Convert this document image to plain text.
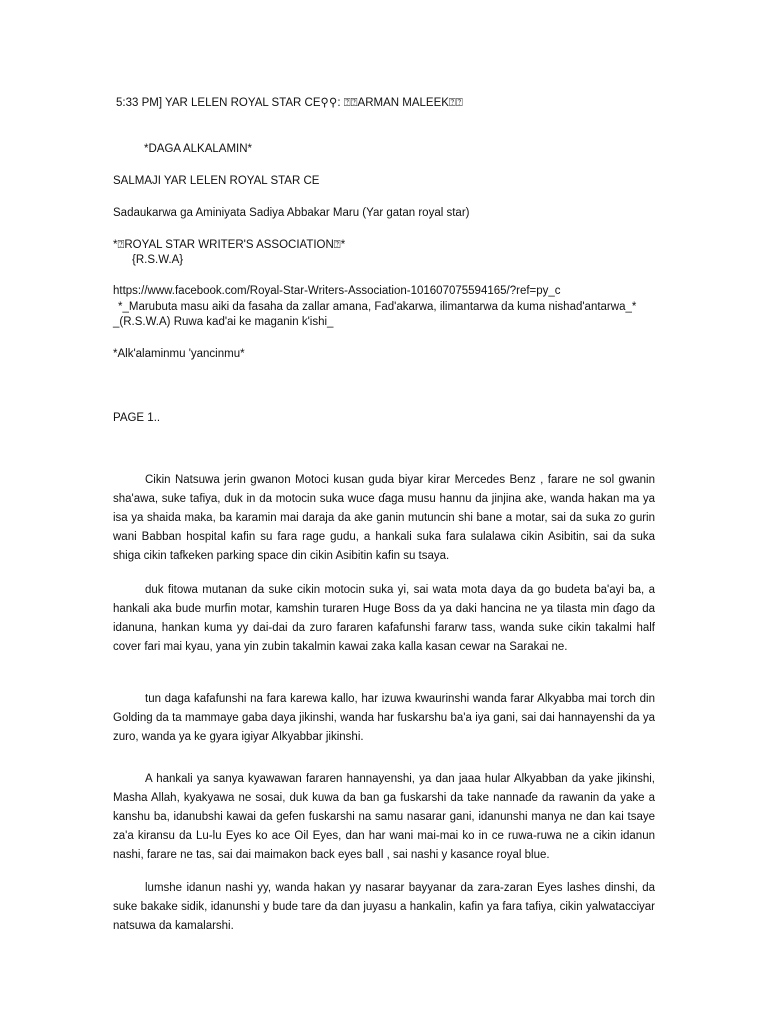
5:33 PM] YAR LELEN ROYAL STAR CE⚲⚲: ⍰⍰ARMAN MALEEK⍰⍰
*DAGA ALKALAMIN*
SALMAJI YAR LELEN ROYAL STAR CE
Sadaukarwa ga Aminiyata Sadiya Abbakar Maru (Yar gatan royal star)
*⍰ROYAL STAR WRITER'S ASSOCIATION⍰*
{R.S.W.A}
https://www.facebook.com/Royal-Star-Writers-Association-101607075594165/?ref=py_c
*_Marubuta masu aiki da fasaha da zallar amana, Fad'akarwa, ilimantarwa da kuma nishad'antarwa_*
_(R.S.W.A) Ruwa kad'ai ke maganin k'ishi_
*Alk'alaminmu 'yancinmu*
PAGE 1..
Cikin Natsuwa jerin gwanon Motoci kusan guda biyar kirar Mercedes Benz , farare ne sol gwanin sha'awa, suke tafiya, duk in da motocin suka wuce ɗaga musu hannu da jinjina ake, wanda hakan ma ya isa ya shaida maka, ba karamin mai daraja da ake ganin mutuncin shi bane a motar, sai da suka zo gurin wani Babban hospital kafin su fara rage gudu, a hankali suka fara sulalawa cikin Asibitin, sai da suka shiga cikin tafkeken parking space din cikin Asibitin kafin su tsaya.
duk fitowa mutanan da suke cikin motocin suka yi, sai wata mota daya da go budeta ba'ayi ba, a hankali aka bude murfin motar, kamshin turaren Huge Boss da ya daki hancina ne ya tilasta min ɗago da idanuna, hankan kuma yy dai-dai da zuro fararen kafafunshi fararw tass, wanda suke cikin takalmi half cover fari mai kyau, yana yin zubin takalmin kawai zaka kalla kasan cewar na Sarakai ne.
tun daga kafafunshi na fara karewa kallo, har izuwa kwaurinshi wanda farar Alkyabba mai torch din Golding da ta mammaye gaba daya jikinshi, wanda har fuskarshu ba'a iya gani, sai dai hannayenshi da ya zuro, wanda ya ke gyara igiyar Alkyabbar jikinshi.
A hankali ya sanya kyawawan fararen hannayenshi, ya dan jaaa hular Alkyabban da yake jikinshi, Masha Allah, kyakyawa ne sosai, duk kuwa da ban ga fuskarshi da take nannaɗe da rawanin da yake a kanshu ba, idanubshi kawai da gefen fuskarshi na samu nasarar gani, idanunshi manya ne dan kai tsaye za'a kiransu da Lu-lu Eyes ko ace Oil Eyes, dan har wani mai-mai ko in ce ruwa-ruwa ne a cikin idanun nashi, farare ne tas, sai dai maimakon back eyes ball , sai nashi y kasance royal blue.
lumshe idanun nashi yy, wanda hakan yy nasarar bayyanar da zara-zaran Eyes lashes dinshi, da suke bakake sidik, idanunshi y bude tare da dan juyasu a hankalin, kafin ya fara tafiya, cikin yalwatacciyar natsuwa da kamalarshi.
